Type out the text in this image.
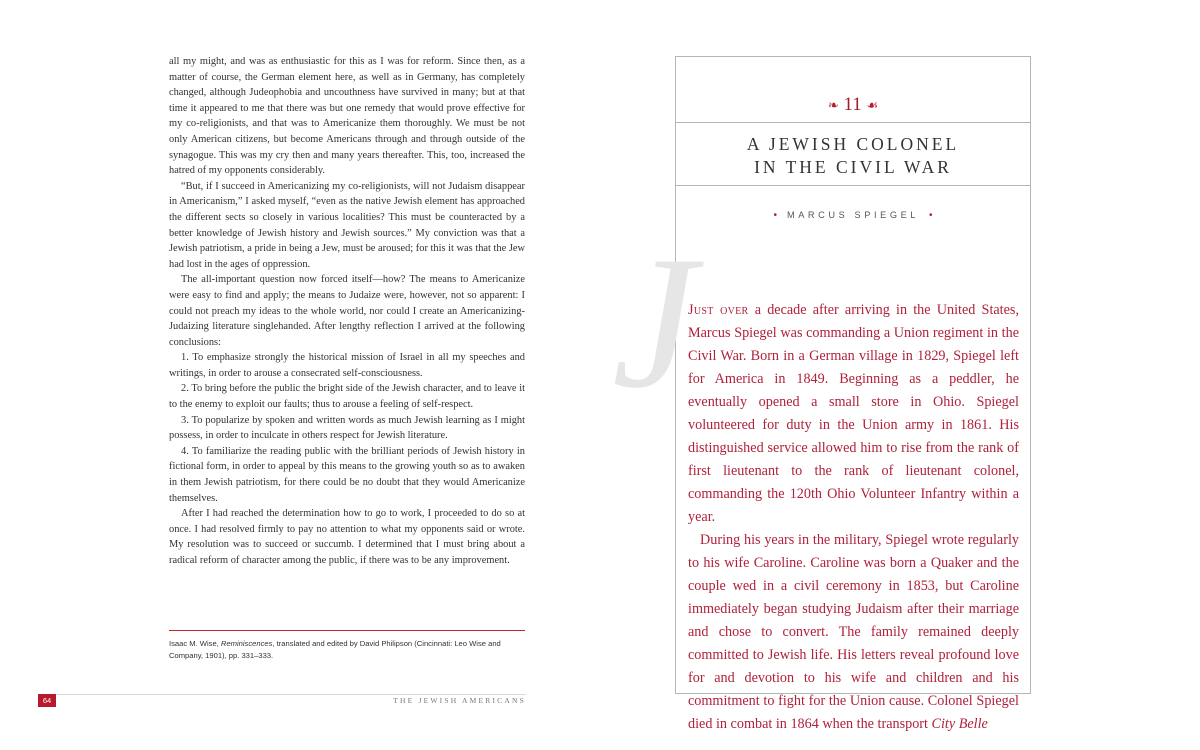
all my might, and was as enthusiastic for this as I was for reform. Since then, as a matter of course, the German element here, as well as in Germany, has completely changed, although Judeophobia and uncouthness have survived in many; but at that time it appeared to me that there was but one remedy that would prove effective for my co-religionists, and that was to Americanize them thoroughly. We must be not only American citizens, but become Americans through and through outside of the synagogue. This was my cry then and many years thereafter. This, too, increased the hatred of my opponents considerably.

“But, if I succeed in Americanizing my co-religionists, will not Judaism disappear in Americanism,” I asked myself, “even as the native Jewish element has approached the different sects so closely in various localities? This must be counteracted by a better knowledge of Jewish history and Jewish sources.” My conviction was that a Jewish patriotism, a pride in being a Jew, must be aroused; for this it was that the Jew had lost in the ages of oppression.

The all-important question now forced itself—how? The means to Americanize were easy to find and apply; the means to Judaize were, however, not so apparent: I could not preach my ideas to the whole world, nor could I create an Americanizing-Judaizing literature singlehanded. After lengthy reflection I arrived at the following conclusions:

1. To emphasize strongly the historical mission of Israel in all my speeches and writings, in order to arouse a consecrated self-consciousness.

2. To bring before the public the bright side of the Jewish character, and to leave it to the enemy to exploit our faults; thus to arouse a feeling of self-respect.

3. To popularize by spoken and written words as much Jewish learning as I might possess, in order to inculcate in others respect for Jewish literature.

4. To familiarize the reading public with the brilliant periods of Jewish history in fictional form, in order to appeal by this means to the growing youth so as to awaken in them Jewish patriotism, for there could be no doubt that they would Americanize themselves.

After I had reached the determination how to go to work, I proceeded to do so at once. I had resolved firmly to pay no attention to what my opponents said or wrote. My resolution was to succeed or succumb. I determined that I must bring about a radical reform of character among the public, if there was to be any improvement.

Isaac M. Wise, Reminiscences, translated and edited by David Philipson (Cincinnati: Leo Wise and Company, 1901), pp. 331–333.
64	THE JEWISH AMERICANS
❧ 11 ☙
A JEWISH COLONEL
IN THE CIVIL WAR
• MARCUS SPIEGEL •
J

Just over a decade after arriving in the United States, Marcus Spiegel was commanding a Union regiment in the Civil War. Born in a German village in 1829, Spiegel left for America in 1849. Beginning as a peddler, he eventually opened a small store in Ohio. Spiegel volunteered for duty in the Union army in 1861. His distinguished service allowed him to rise from the rank of first lieutenant to the rank of lieutenant colonel, commanding the 120th Ohio Volunteer Infantry within a year.

During his years in the military, Spiegel wrote regularly to his wife Caroline. Caroline was born a Quaker and the couple wed in a civil ceremony in 1853, but Caroline immediately began studying Judaism after their marriage and chose to convert. The family remained deeply committed to Jewish life. His letters reveal profound love for and devotion to his wife and children and his commitment to fight for the Union cause. Colonel Spiegel died in combat in 1864 when the transport City Belle
